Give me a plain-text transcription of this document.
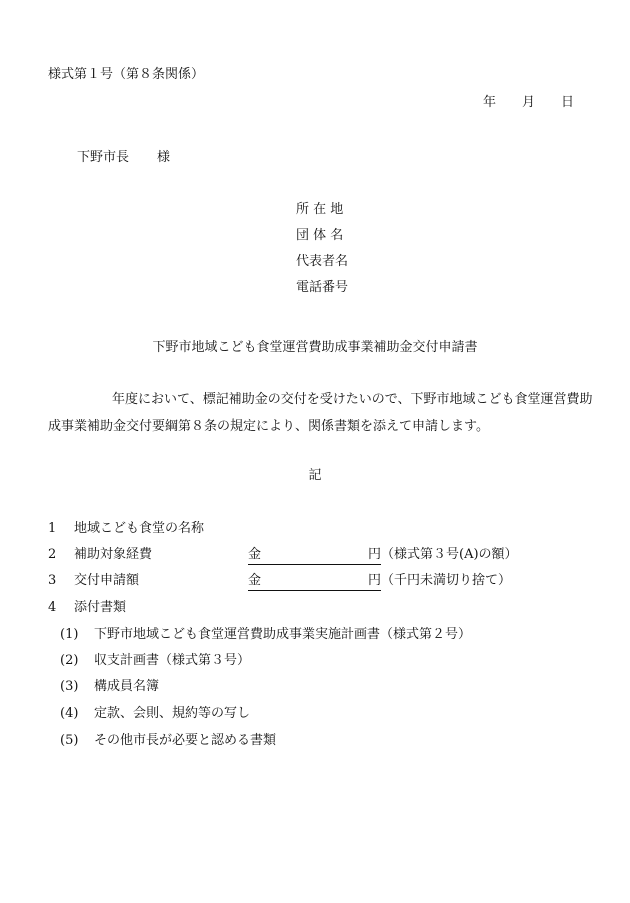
様式第１号（第８条関係）
年 月 日
下野市長 様
所 在 地
団 体 名
代表者名
電話番号
下野市地域こども食堂運営費助成事業補助金交付申請書
年度において、標記補助金の交付を受けたいので、下野市地域こども食堂運営費助成事業補助金交付要綱第８条の規定により、関係書類を添えて申請します。
記
1 地域こども食堂の名称
2 補助対象経費	金	円（様式第３号(A)の額）
3 交付申請額	金	円（千円未満切り捨て）
4 添付書類
(1) 下野市地域こども食堂運営費助成事業実施計画書（様式第２号）
(2) 収支計画書（様式第３号）
(3) 構成員名簿
(4) 定款、会則、規約等の写し
(5) その他市長が必要と認める書類
